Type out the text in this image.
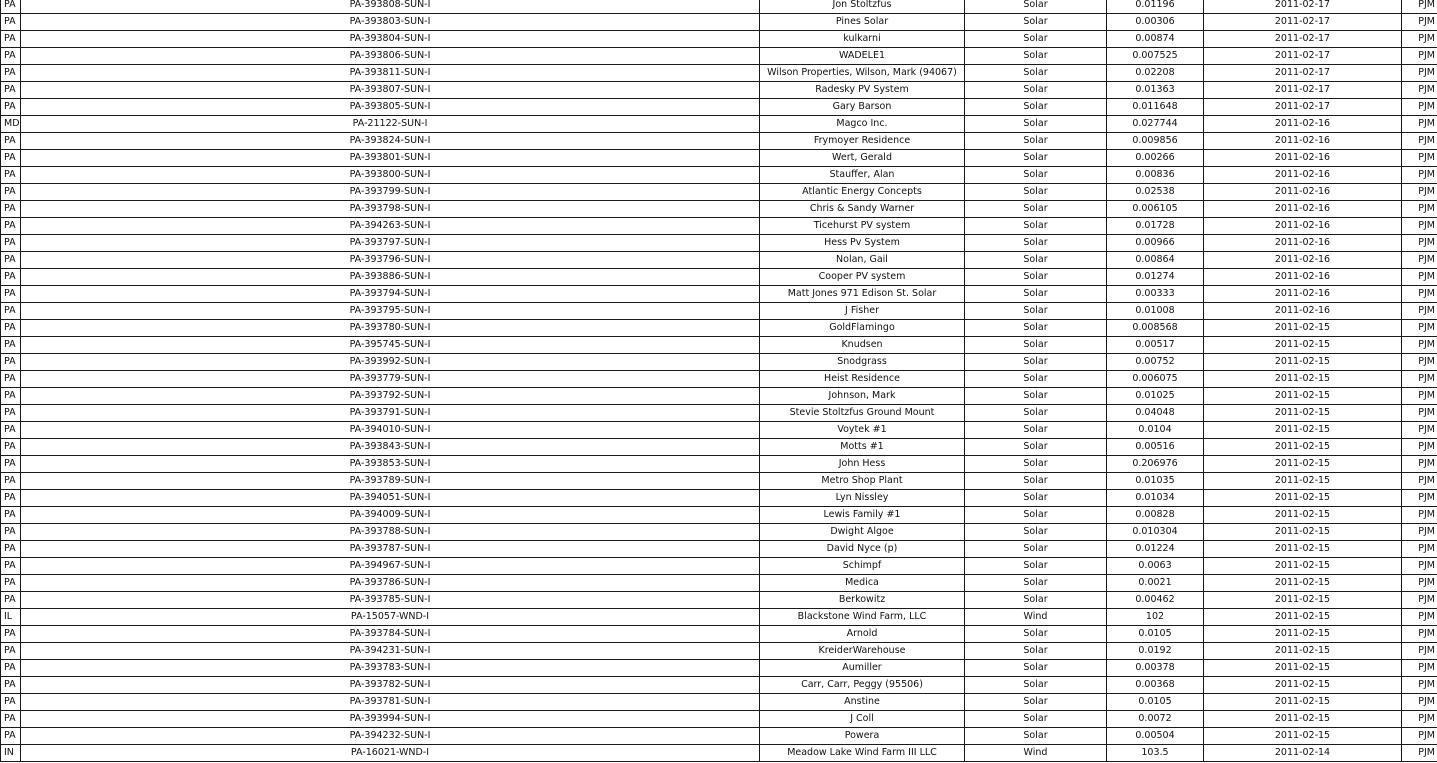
PA	PA-393808-SUN-I	Jon Stoltzfus	Solar	0.01196	2011-02-17	PJM
PA	PA-393803-SUN-I	Pines Solar	Solar	0.00306	2011-02-17	PJM
PA	PA-393804-SUN-I	kulkarni	Solar	0.00874	2011-02-17	PJM
PA	PA-393806-SUN-I	WADELE1	Solar	0.007525	2011-02-17	PJM
PA	PA-393811-SUN-I	Wilson Properties, Wilson, Mark (94067)	Solar	0.02208	2011-02-17	PJM
PA	PA-393807-SUN-I	Radesky PV System	Solar	0.01363	2011-02-17	PJM
PA	PA-393805-SUN-I	Gary Barson	Solar	0.011648	2011-02-17	PJM
MD	PA-21122-SUN-I	Magco Inc.	Solar	0.027744	2011-02-16	PJM
PA	PA-393824-SUN-I	Frymoyer Residence	Solar	0.009856	2011-02-16	PJM
PA	PA-393801-SUN-I	Wert, Gerald	Solar	0.00266	2011-02-16	PJM
PA	PA-393800-SUN-I	Stauffer, Alan	Solar	0.00836	2011-02-16	PJM
PA	PA-393799-SUN-I	Atlantic Energy Concepts	Solar	0.02538	2011-02-16	PJM
PA	PA-393798-SUN-I	Chris & Sandy Warner	Solar	0.006105	2011-02-16	PJM
PA	PA-394263-SUN-I	Ticehurst PV system	Solar	0.01728	2011-02-16	PJM
PA	PA-393797-SUN-I	Hess Pv System	Solar	0.00966	2011-02-16	PJM
PA	PA-393796-SUN-I	Nolan, Gail	Solar	0.00864	2011-02-16	PJM
PA	PA-393886-SUN-I	Cooper PV system	Solar	0.01274	2011-02-16	PJM
PA	PA-393794-SUN-I	Matt Jones 971 Edison St. Solar	Solar	0.00333	2011-02-16	PJM
PA	PA-393795-SUN-I	J Fisher	Solar	0.01008	2011-02-16	PJM
PA	PA-393780-SUN-I	GoldFlamingo	Solar	0.008568	2011-02-15	PJM
PA	PA-395745-SUN-I	Knudsen	Solar	0.00517	2011-02-15	PJM
PA	PA-393992-SUN-I	Snodgrass	Solar	0.00752	2011-02-15	PJM
PA	PA-393779-SUN-I	Heist Residence	Solar	0.006075	2011-02-15	PJM
PA	PA-393792-SUN-I	Johnson, Mark	Solar	0.01025	2011-02-15	PJM
PA	PA-393791-SUN-I	Stevie Stoltzfus Ground Mount	Solar	0.04048	2011-02-15	PJM
PA	PA-394010-SUN-I	Voytek #1	Solar	0.0104	2011-02-15	PJM
PA	PA-393843-SUN-I	Motts #1	Solar	0.00516	2011-02-15	PJM
PA	PA-393853-SUN-I	John Hess	Solar	0.206976	2011-02-15	PJM
PA	PA-393789-SUN-I	Metro Shop Plant	Solar	0.01035	2011-02-15	PJM
PA	PA-394051-SUN-I	Lyn Nissley	Solar	0.01034	2011-02-15	PJM
PA	PA-394009-SUN-I	Lewis Family #1	Solar	0.00828	2011-02-15	PJM
PA	PA-393788-SUN-I	Dwight Algoe	Solar	0.010304	2011-02-15	PJM
PA	PA-393787-SUN-I	David Nyce (p)	Solar	0.01224	2011-02-15	PJM
PA	PA-394967-SUN-I	Schimpf	Solar	0.0063	2011-02-15	PJM
PA	PA-393786-SUN-I	Medica	Solar	0.0021	2011-02-15	PJM
PA	PA-393785-SUN-I	Berkowitz	Solar	0.00462	2011-02-15	PJM
IL	PA-15057-WND-I	Blackstone Wind Farm, LLC	Wind	102	2011-02-15	PJM
PA	PA-393784-SUN-I	Arnold	Solar	0.0105	2011-02-15	PJM
PA	PA-394231-SUN-I	KreiderWarehouse	Solar	0.0192	2011-02-15	PJM
PA	PA-393783-SUN-I	Aumiller	Solar	0.00378	2011-02-15	PJM
PA	PA-393782-SUN-I	Carr, Carr, Peggy (95506)	Solar	0.00368	2011-02-15	PJM
PA	PA-393781-SUN-I	Anstine	Solar	0.0105	2011-02-15	PJM
PA	PA-393994-SUN-I	J Coll	Solar	0.0072	2011-02-15	PJM
PA	PA-394232-SUN-I	Powera	Solar	0.00504	2011-02-15	PJM
IN	PA-16021-WND-I	Meadow Lake Wind Farm III LLC	Wind	103.5	2011-02-14	PJM
